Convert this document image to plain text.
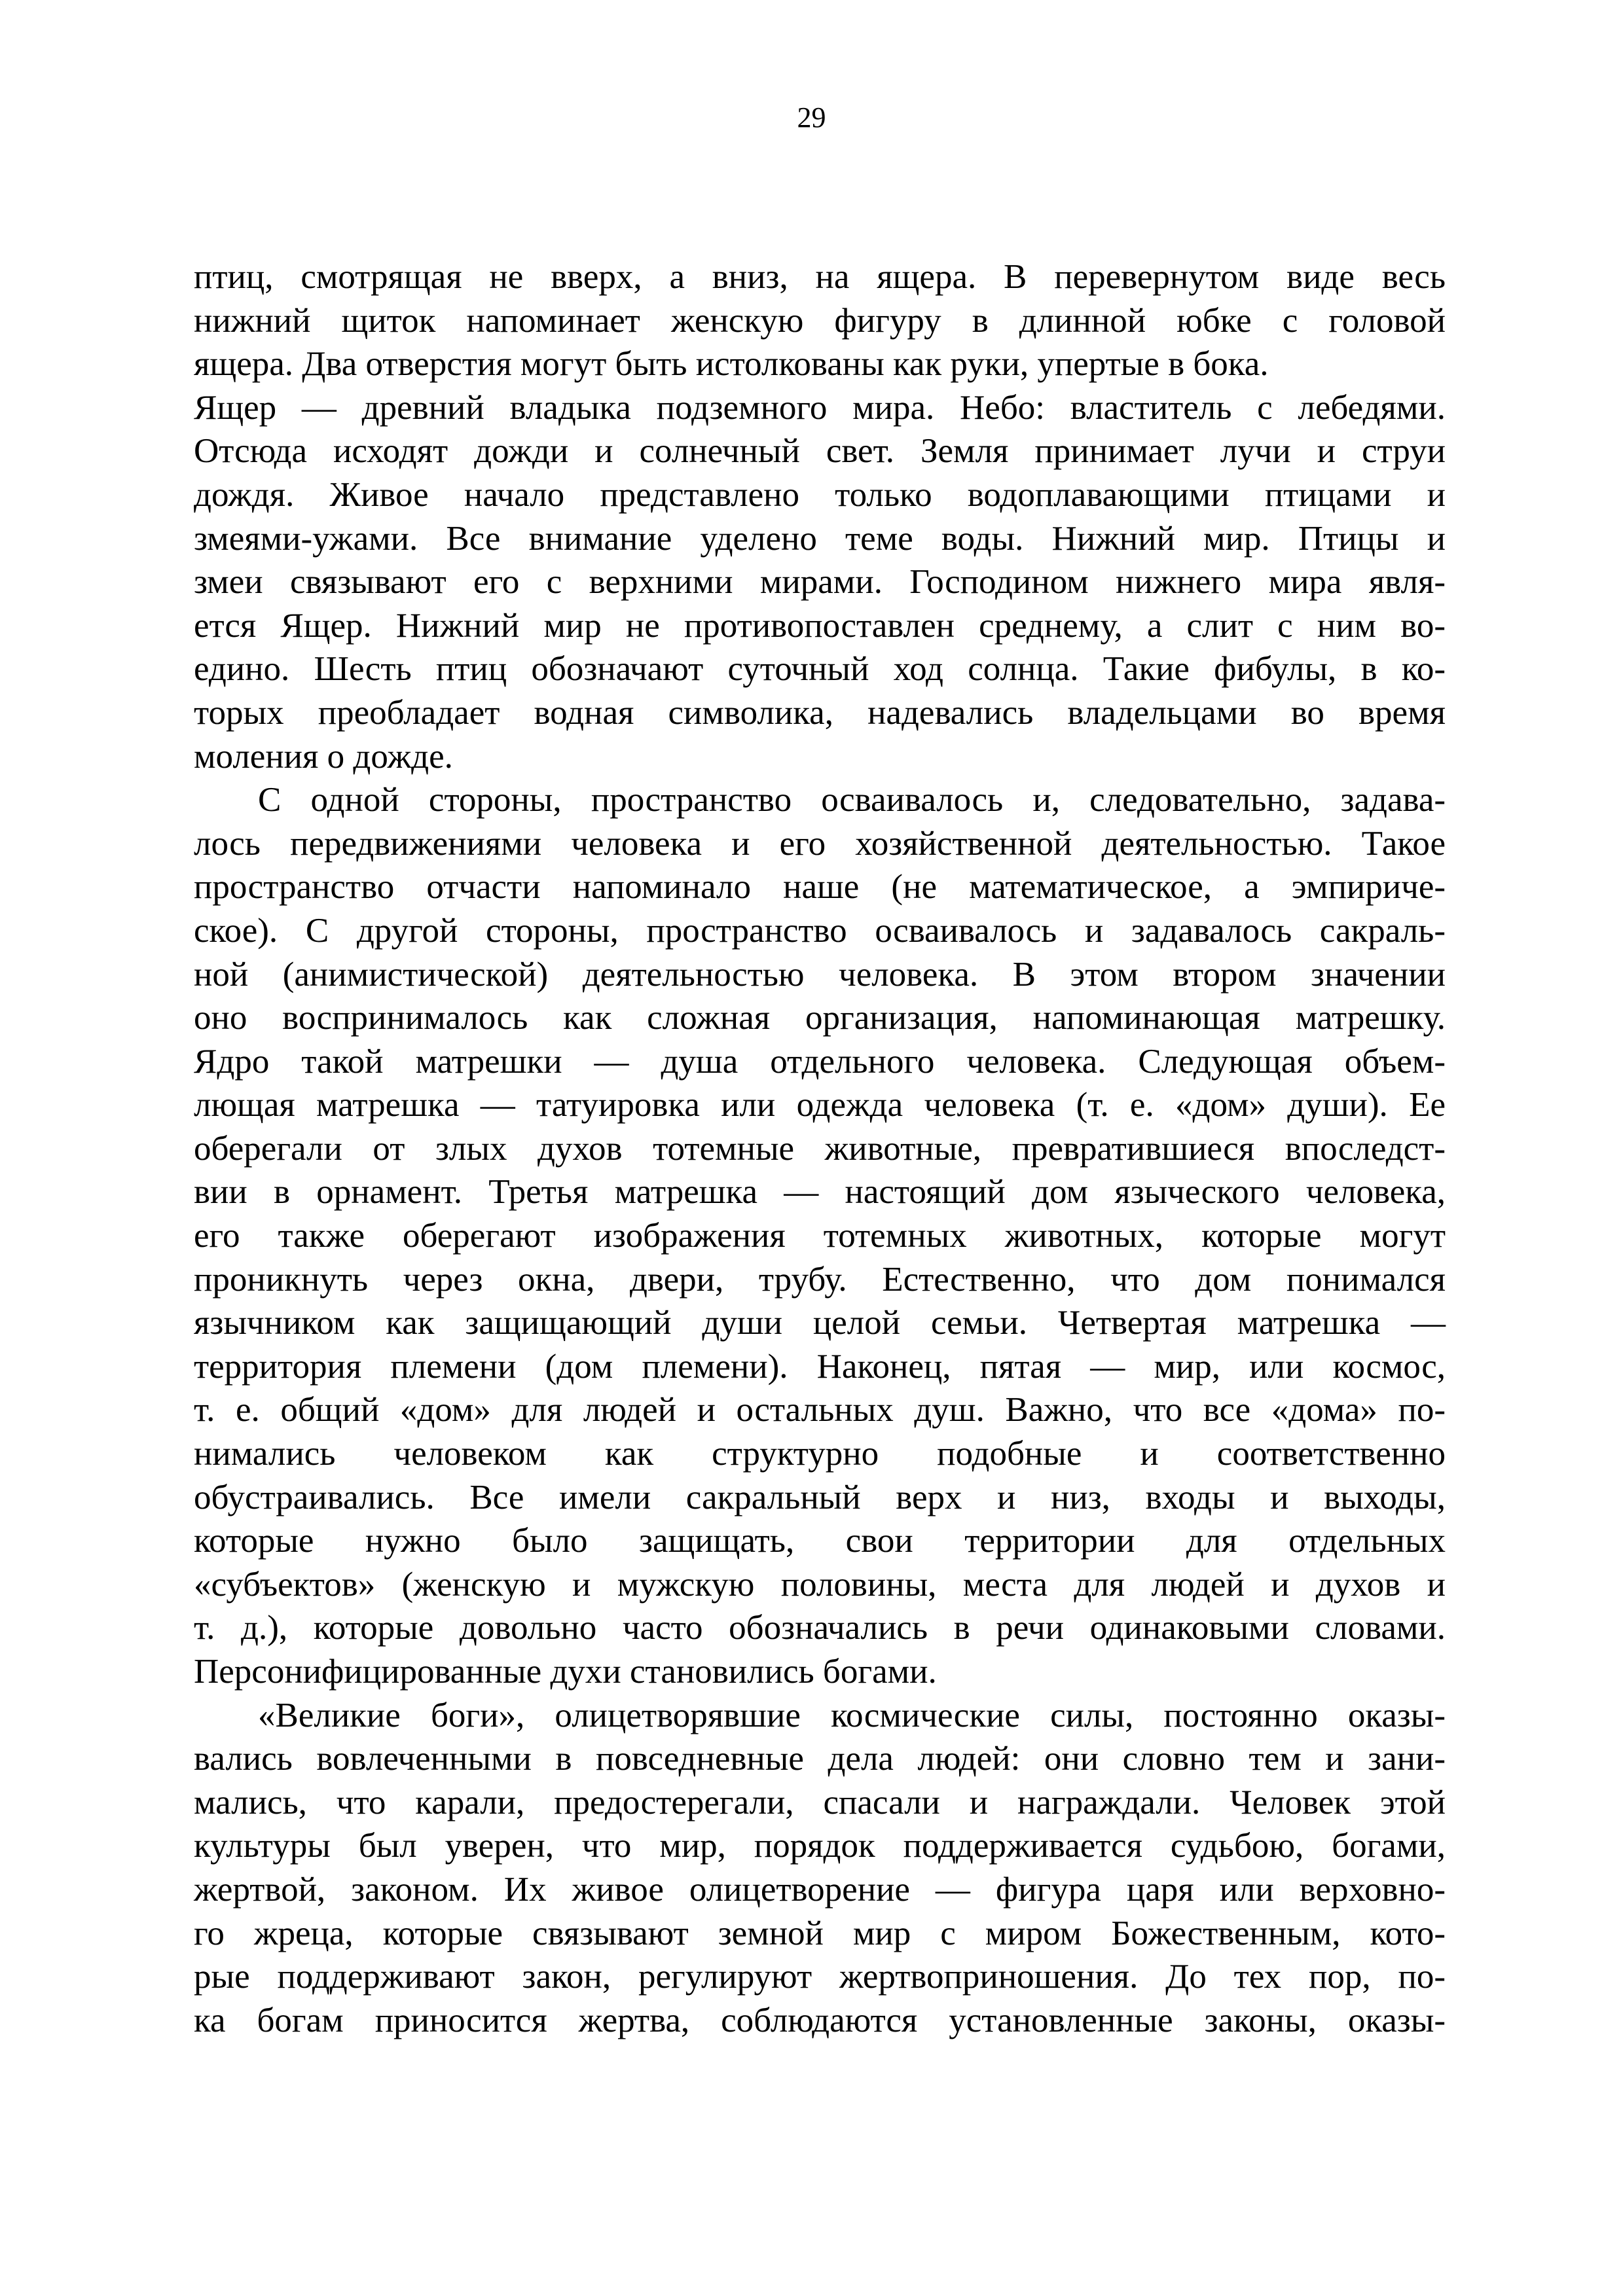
29
птиц, смотрящая не вверх, а вниз, на ящера. В перевернутом виде весь
нижний щиток напоминает женскую фигуру в длинной юбке с головой
ящера. Два отверстия могут быть истолкованы как руки, упертые в бока.
Ящер — древний владыка подземного мира. Небо: властитель с лебедями.
Отсюда исходят дожди и солнечный свет. Земля принимает лучи и струи
дождя. Живое начало представлено только водоплавающими птицами и
змеями-ужами. Все внимание уделено теме воды. Нижний мир. Птицы и
змеи связывают его с верхними мирами. Господином нижнего мира явля-
ется Ящер. Нижний мир не противопоставлен среднему, а слит с ним во-
едино. Шесть птиц обозначают суточный ход солнца. Такие фибулы, в ко-
торых преобладает водная символика, надевались владельцами во время
моления о дожде.
С одной стороны, пространство осваивалось и, следовательно, задава-
лось передвижениями человека и его хозяйственной деятельностью. Такое
пространство отчасти напоминало наше (не математическое, а эмпириче-
ское). С другой стороны, пространство осваивалось и задавалось сакраль-
ной (анимистической) деятельностью человека. В этом втором значении
оно воспринималось как сложная организация, напоминающая матрешку.
Ядро такой матрешки — душа отдельного человека. Следующая объем-
лющая матрешка — татуировка или одежда человека (т. е. «дом» души). Ее
оберегали от злых духов тотемные животные, превратившиеся впоследст-
вии в орнамент. Третья матрешка — настоящий дом языческого человека,
его также оберегают изображения тотемных животных, которые могут
проникнуть через окна, двери, трубу. Естественно, что дом понимался
язычником как защищающий души целой семьи. Четвертая матрешка —
территория племени (дом племени). Наконец, пятая — мир, или космос,
т. е. общий «дом» для людей и остальных душ. Важно, что все «дома» по-
нимались человеком как структурно подобные и соответственно
обустраивались. Все имели сакральный верх и низ, входы и выходы,
которые нужно было защищать, свои территории для отдельных
«субъектов» (женскую и мужскую половины, места для людей и духов и
т. д.), которые довольно часто обозначались в речи одинаковыми словами.
Персонифицированные духи становились богами.
«Великие боги», олицетворявшие космические силы, постоянно оказы-
вались вовлеченными в повседневные дела людей: они словно тем и зани-
мались, что карали, предостерегали, спасали и награждали. Человек этой
культуры был уверен, что мир, порядок поддерживается судьбою, богами,
жертвой, законом. Их живое олицетворение — фигура царя или верховно-
го жреца, которые связывают земной мир с миром Божественным, кото-
рые поддерживают закон, регулируют жертвоприношения. До тех пор, по-
ка богам приносится жертва, соблюдаются установленные законы, оказы-
